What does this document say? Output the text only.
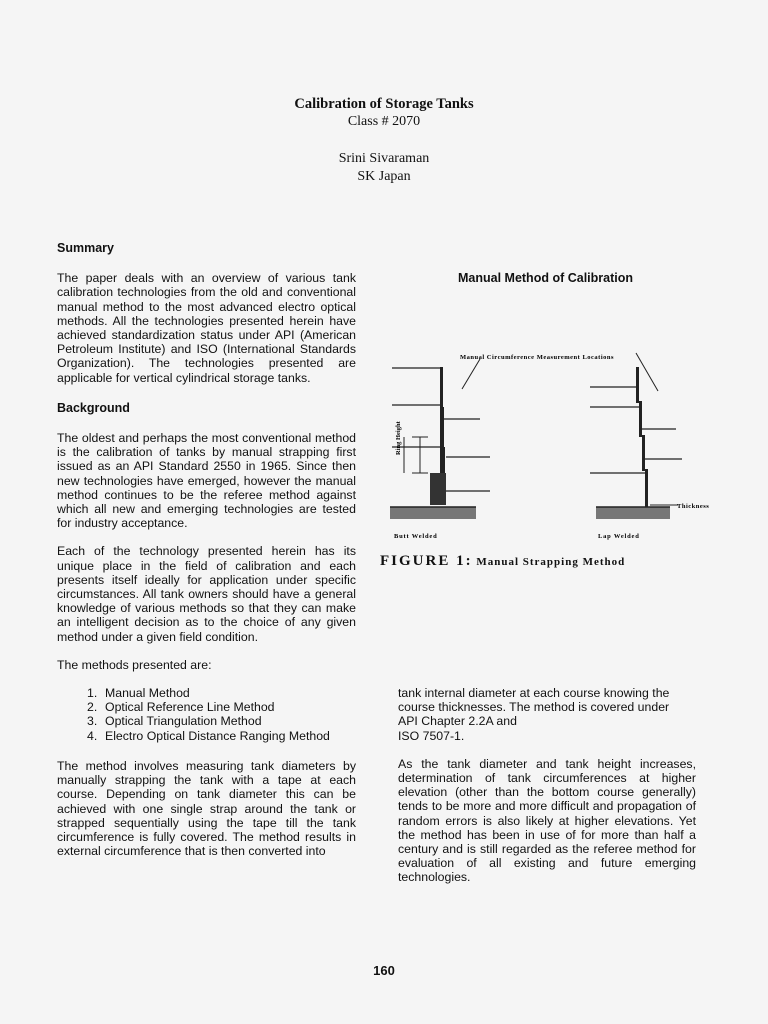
Calibration of Storage Tanks
Class # 2070
Srini Sivaraman
SK Japan
Summary

The paper deals with an overview of various tank calibration technologies from the old and conventional manual method to the most advanced electro optical methods. All the technologies presented herein have achieved standardization status under API (American Petroleum Institute) and ISO (International Standards Organization). The technologies presented are applicable for vertical cylindrical storage tanks.

Background

The oldest and perhaps the most conventional method is the calibration of tanks by manual strapping first issued as an API Standard 2550 in 1965. Since then new technologies have emerged, however the manual method continues to be the referee method against which all new and emerging technologies are tested for industry acceptance.

Each of the technology presented herein has its unique place in the field of calibration and each presents itself ideally for application under specific circumstances. All tank owners should have a general knowledge of various methods so that they can make an intelligent decision as to the choice of any given method under a given field condition.

The methods presented are:

1. Manual Method
2. Optical Reference Line Method
3. Optical Triangulation Method
4. Electro Optical Distance Ranging Method

The method involves measuring tank diameters by manually strapping the tank with a tape at each course. Depending on tank diameter this can be achieved with one single strap around the tank or strapped sequentially using the tape till the tank circumference is fully covered. The method results in external circumference that is then converted into

Manual Method of Calibration
Ring Height
Manual Circumference Measurement Locations
Butt Welded
Thickness
Lap Welded
FIGURE 1: Manual Strapping Method

tank internal diameter at each course knowing the

course thicknesses. The method is covered under

API Chapter 2.2A and

ISO 7507-1.

As the tank diameter and tank height increases, determination of tank circumferences at higher elevation (other than the bottom course generally) tends to be more and more difficult and propagation of random errors is also likely at higher elevations. Yet the method has been in use of for more than half a century and is still regarded as the referee method for evaluation of all existing and future emerging technologies.

160
